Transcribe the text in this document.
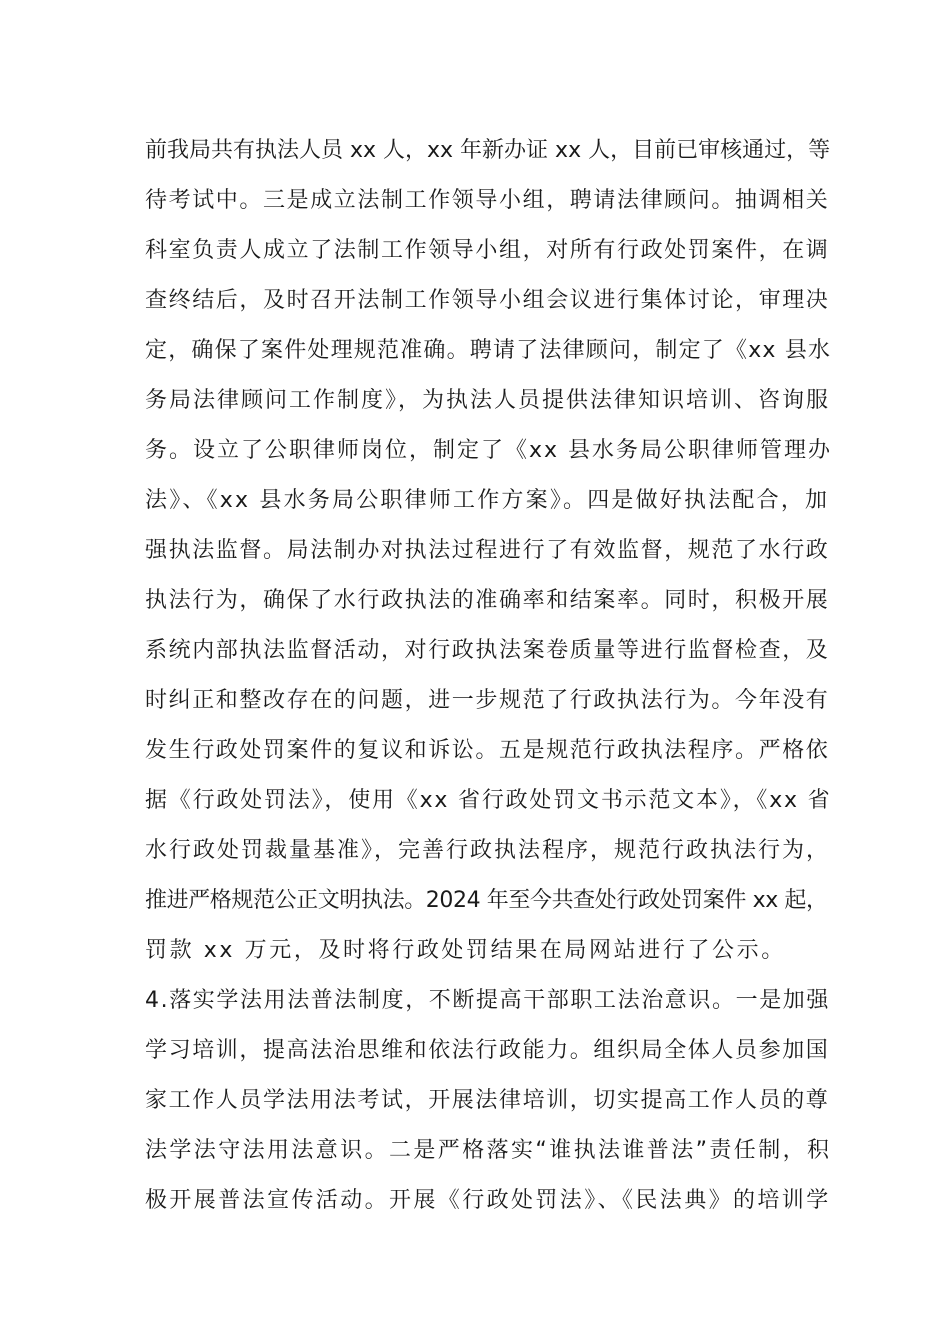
前我局共有执法人员 xx 人，xx 年新办证 xx 人，目前已审核通过，等
待考试中。三是成立法制工作领导小组，聘请法律顾问。抽调相关
科室负责人成立了法制工作领导小组，对所有行政处罚案件，在调
查终结后，及时召开法制工作领导小组会议进行集体讨论，审理决
定，确保了案件处理规范准确。聘请了法律顾问，制定了《xx 县水
务局法律顾问工作制度》，为执法人员提供法律知识培训、咨询服
务。设立了公职律师岗位，制定了《xx 县水务局公职律师管理办
法》、《xx 县水务局公职律师工作方案》。四是做好执法配合，加
强执法监督。局法制办对执法过程进行了有效监督，规范了水行政
执法行为，确保了水行政执法的准确率和结案率。同时，积极开展
系统内部执法监督活动，对行政执法案卷质量等进行监督检查，及
时纠正和整改存在的问题，进一步规范了行政执法行为。今年没有
发生行政处罚案件的复议和诉讼。五是规范行政执法程序。严格依
据《行政处罚法》，使用《xx 省行政处罚文书示范文本》，《xx 省
水行政处罚裁量基准》，完善行政执法程序，规范行政执法行为，
推进严格规范公正文明执法。2024 年至今共查处行政处罚案件 xx 起，
罚款 xx 万元，及时将行政处罚结果在局网站进行了公示。
4.落实学法用法普法制度，不断提高干部职工法治意识。一是加强
学习培训，提高法治思维和依法行政能力。组织局全体人员参加国
家工作人员学法用法考试，开展法律培训，切实提高工作人员的尊
法学法守法用法意识。二是严格落实“谁执法谁普法”责任制，积
极开展普法宣传活动。开展《行政处罚法》、《民法典》的培训学
